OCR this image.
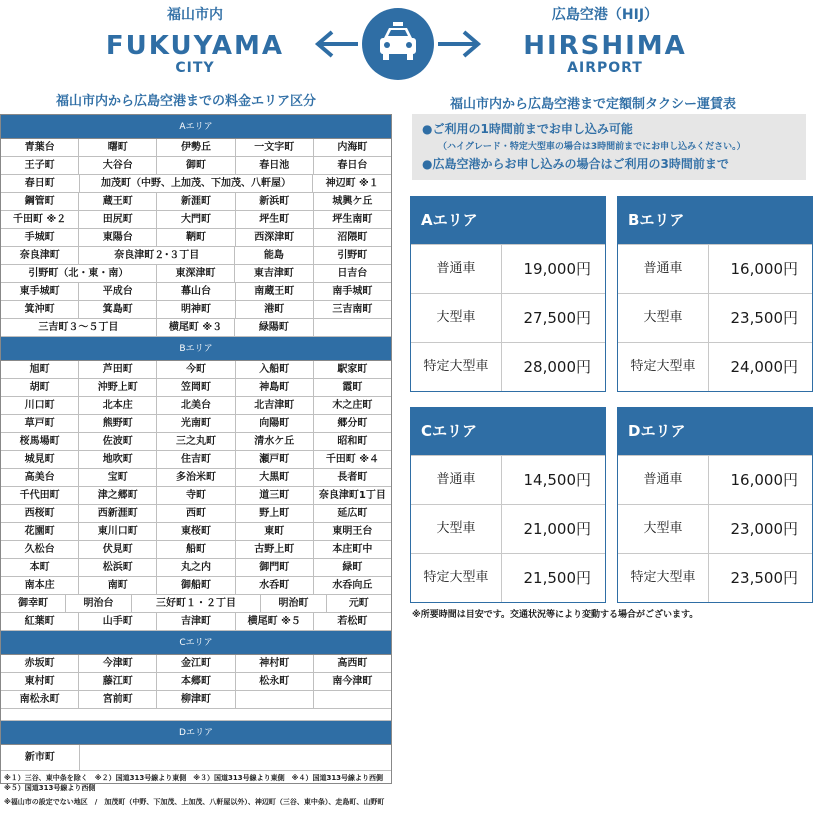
福山市内
FUKUYAMA
CITY
広島空港（HIJ）
HIRSHIMA
AIRPORT
福山市内から広島空港までの料金エリア区分	福山市内から広島空港まで定額制タクシー運賃表
Aエリア
青葉台	曙町	伊勢丘	一文字町	内海町
王子町	大谷台	御町	春日池	春日台
春日町	加茂町（中野、上加茂、下加茂、八軒屋）	神辺町 ※１
鋼管町	蔵王町	新涯町	新浜町	城興ケ丘
千田町 ※２	田尻町	大門町	坪生町	坪生南町
手城町	東陽台	鞆町	西深津町	沼隈町
奈良津町	奈良津町２･３丁目	能島	引野町
引野町（北・東・南）	東深津町	東吉津町	日吉台
東手城町	平成台	幕山台	南蔵王町	南手城町
箕沖町	箕島町	明神町	港町	三吉南町
三吉町３～５丁目	横尾町 ※３	緑陽町
Bエリア
旭町	芦田町	今町	入船町	駅家町
胡町	沖野上町	笠岡町	神島町	霞町
川口町	北本庄	北美台	北吉津町	木之庄町
草戸町	熊野町	光南町	向陽町	郷分町
桜馬場町	佐波町	三之丸町	清水ケ丘	昭和町
城見町	地吹町	住吉町	瀬戸町	千田町 ※４
高美台	宝町	多治米町	大黒町	長者町
千代田町	津之郷町	寺町	道三町	奈良津町1丁目
西桜町	西新涯町	西町	野上町	延広町
花園町	東川口町	東桜町	東町	東明王台
久松台	伏見町	船町	古野上町	本庄町中
本町	松浜町	丸之内	御門町	緑町
南本庄	南町	御船町	水呑町	水呑向丘
御幸町	明治台	三好町１・２丁目	明治町	元町
紅葉町	山手町	吉津町	横尾町 ※５	若松町
Cエリア
赤坂町	今津町	金江町	神村町	高西町
東村町	藤江町	本郷町	松永町	南今津町
南松永町	宮前町	柳津町
Dエリア
新市町
※１）三谷、東中条を除く　※２）国道313号線より東側　※３）国道313号線より東側　※４）国道313号線より西側　※５）国道313号線より西側
※福山市の設定でない地区　/　加茂町（中野、下加茂、上加茂、八軒屋以外）、神辺町（三谷、東中条）、走島町、山野町
●ご利用の1時間前までお申し込み可能
（ハイグレード・特定大型車の場合は3時間前までにお申し込みください。）
●広島空港からお申し込みの場合はご利用の3時間前まで
Aエリア
普通車	19,000円
大型車	27,500円
特定大型車	28,000円
Bエリア
普通車	16,000円
大型車	23,500円
特定大型車	24,000円
Cエリア
普通車	14,500円
大型車	21,000円
特定大型車	21,500円
Dエリア
普通車	16,000円
大型車	23,000円
特定大型車	23,500円
※所要時間は目安です。交通状況等により変動する場合がございます。
